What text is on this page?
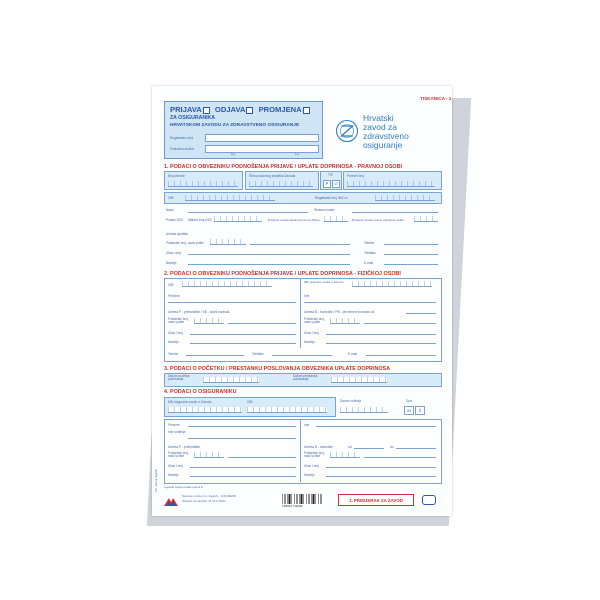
TISKANICA - 1
PRIJAVA ODJAVA PROMJENA
ZA OSIGURANIKA
HRVATSKOM ZAVODU ZA ZDRAVSTVENO OSIGURANJE
Registarski ured
Područna služba
broj	ime
Hrvatski
zavod za
zdravstveno
osiguranje
1. PODACI O OBVEZNIKU PODNOŠENJA PRIJAVE / UPLATE DOPRINOSA - PRAVNOJ OSOBI
Broj obveze	Šifra poslovnog subjekta Zavoda	TIP
P	O
Porezni broj
OIB	Registarski broj NKD-a
Naziv	Skraćeni naziv
Podaci DZS Matični broj DZS	Brojčana oznaka djelatnosti prema NKD-u	Brojčana oznaka pravno ustrojbene oblike
Adresa sjedišta
Poštanski broj, naziv pošte	Telefon
Ulica i broj	Telefaks
Naselje	E-mail
2. PODACI O OBVEZNIKU PODNOŠENJA PRIJAVE / UPLATE DOPRINOSA - FIZIČKOJ OSOBI
OIB
MB osigurane osobe u Zavodu
Prezime	Ime
Adresa P - prebivalište / SB - stalni boravak	Adresa B - boravište / PB - privremeni boravak od
Poštanski broj, naziv pošte
Poštanski broj, naziv pošte
Ulica i broj	Ulica i broj
Naselje	Naselje
Telefon	Telefaks	E-mail
3. PODACI O POČETKU / PRESTANKU POSLOVANJA OBVEZNIKA UPLATE DOPRINOSA
Datum početka poslovanja
Datum prestanka poslovanja
4. PODACI O OSIGURANIKU
MB osigurane osobe u Zavodu	OIB	Datum rođenja	Spol
M	Ž
Prezime	Ime
Ime roditelja
Adresa P - prebivalište	Adresa B - boravište	od	do
Poštanski broj, naziv pošte
Poštanski broj, naziv pošte
Ulica i broj	Ulica i broj
Naselje	Naselje
NN - Zavod, Zagreb Legenda popisa oznake pravne ili.
Narodne novine d.d., Zagreb – (13) 000265
Obrazac za naručiti: UT-III-1-700/N
3 856011 7 000265
1. PRIMJERAK ZA ZAVOD
